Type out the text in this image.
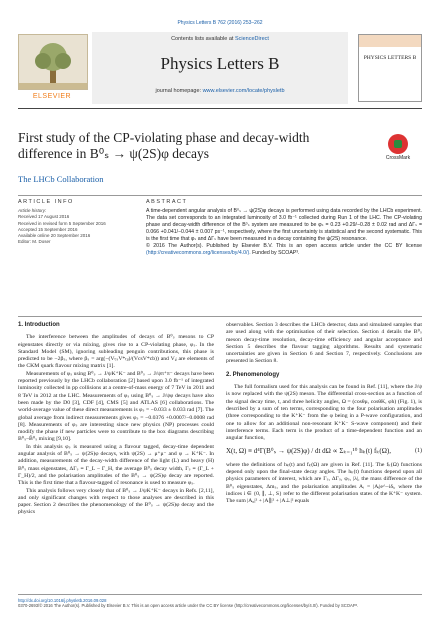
Physics Letters B 762 (2016) 253–262
ELSEVIER
Contents lists available at ScienceDirect
Physics Letters B
journal homepage: www.elsevier.com/locate/physletb
PHYSICS LETTERS B
First study of the CP-violating phase and decay-width difference in B⁰ₛ → ψ(2S)φ decays	CrossMark
The LHCb Collaboration
ARTICLE INFO	ABSTRACT
Article history:
Received 17 August 2016
Received in revised form 5 September 2016
Accepted 15 September 2016
Available online 20 September 2016
Editor: M. Doser
A time-dependent angular analysis of B⁰ₛ → ψ(2S)φ decays is performed using data recorded by the LHCb experiment. The data set corresponds to an integrated luminosity of 3.0 fb⁻¹ collected during Run 1 of the LHC. The CP-violating phase and decay-width difference of the B⁰ₛ system are measured to be φₛ = 0.23 +0.29/−0.28 ± 0.02 rad and ΔΓₛ = 0.066 +0.041/−0.044 ± 0.007 ps⁻¹, respectively, where the first uncertainty is statistical and the second systematic. This is the first time that φₛ and ΔΓₛ have been measured in a decay containing the ψ(2S) resonance.
© 2016 The Author(s). Published by Elsevier B.V. This is an open access article under the CC BY license (http://creativecommons.org/licenses/by/4.0/). Funded by SCOAP³.
1. Introduction

The interference between the amplitudes of decays of B⁰ₛ mesons to CP eigenstates directly or via mixing, gives rise to a CP-violating phase, φₛ. In the Standard Model (SM), ignoring subleading penguin contributions, this phase is predicted to be −2βₛ, where βₛ = arg(−(VₜₛV*ₜᵦ)/(VcsV*cb)) and Vᵢⱼ are elements of the CKM quark flavour mixing matrix [1].

Measurements of φₛ using B⁰ₛ → J/ψK⁺K⁻ and B⁰ₛ → J/ψπ⁺π⁻ decays have been reported previously by the LHCb collaboration [2] based upon 3.0 fb⁻¹ of integrated luminosity collected in pp collisions at a centre-of-mass energy of 7 TeV in 2011 and 8 TeV in 2012 at the LHC. Measurements of φₛ using B⁰ₛ → J/ψφ decays have also been made by the D0 [3], CDF [4], CMS [5] and ATLAS [6] collaborations. The world-average value of these direct measurements is φₛ = −0.033 ± 0.033 rad [7]. The global average from indirect measurements gives φₛ = −0.0376 +0.0007/−0.0008 rad [8]. Measurements of φₛ are interesting since new physics (NP) processes could modify the phase if new particles were to contribute to the box diagrams describing B⁰ₛ–B̄⁰ₛ mixing [9,10].

In this analysis φₛ is measured using a flavour tagged, decay-time dependent angular analysis of B⁰ₛ → ψ(2S)φ decays, with ψ(2S) → μ⁺μ⁻ and φ → K⁺K⁻. In addition, measurements of the decay-width difference of the light (L) and heavy (H) B⁰ₛ mass eigenstates, ΔΓₛ ≡ Γ_L − Γ_H, the average B⁰ₛ decay width, Γₛ ≡ (Γ_L + Γ_H)/2, and the polarisation amplitudes of the B⁰ₛ → ψ(2S)φ decay are reported. This is the first time that a flavour-tagged cc̄ resonance is used to measure φₛ.

This analysis follows very closely that of B⁰ₛ → J/ψK⁺K⁻ decays in Refs. [2,11], and only significant changes with respect to those analyses are described in this paper. Section 2 describes the phenomenology of the B⁰ₛ → ψ(2S)φ decay and the physics

observables. Section 3 describes the LHCb detector, data and simulated samples that are used along with the optimisation of their selection. Section 4 details the B⁰ₛ meson decay-time resolution, decay-time efficiency and angular acceptance and Section 5 describes the flavour tagging algorithms. Results and systematic uncertainties are given in Section 6 and Section 7, respectively. Conclusions are presented in Section 8.

2. Phenomenology

The full formalism used for this analysis can be found in Ref. [11], where the J/ψ is now replaced with the ψ(2S) meson. The differential cross-section as a function of the signal decay time, t, and three helicity angles, Ω = (cosθμ, cosθK, φh) (Fig. 1), is described by a sum of ten terms, corresponding to the four polarisation amplitudes (three corresponding to the K⁺K⁻ from the φ being in a P-wave configuration, and one to allow for an additional non-resonant K⁺K⁻ S-wave component) and their interference terms. Each term is the product of a time-dependent function and an angular function,

X(t, Ω) ≡ d⁴Γ(B⁰ₛ → ψ(2S)φ) / dt dΩ ∝ Σₖ₌₁¹⁰ hₖ(t) fₖ(Ω),	(1)

where the definitions of hₖ(t) and fₖ(Ω) are given in Ref. [11]. The fₖ(Ω) functions depend only upon the final-state decay angles. The hₖ(t) functions depend upon all physics parameters of interest, which are Γₛ, ΔΓₛ, φₛ, |λ|, the mass difference of the B⁰ₛ eigenstates, Δmₛ, and the polarisation amplitudes Aᵢ = |Aᵢ|e^−iδᵢ, where the indices i ∈ {0, ∥, ⊥, S} refer to the different polarisation states of the K⁺K⁻ system. The sum |A₀|² + |A∥|² + |A⊥|² equals

http://dx.doi.org/10.1016/j.physletb.2016.09.028
0370-2693/© 2016 The Author(s). Published by Elsevier B.V. This is an open access article under the CC BY license (http://creativecommons.org/licenses/by/4.0/). Funded by SCOAP³.
